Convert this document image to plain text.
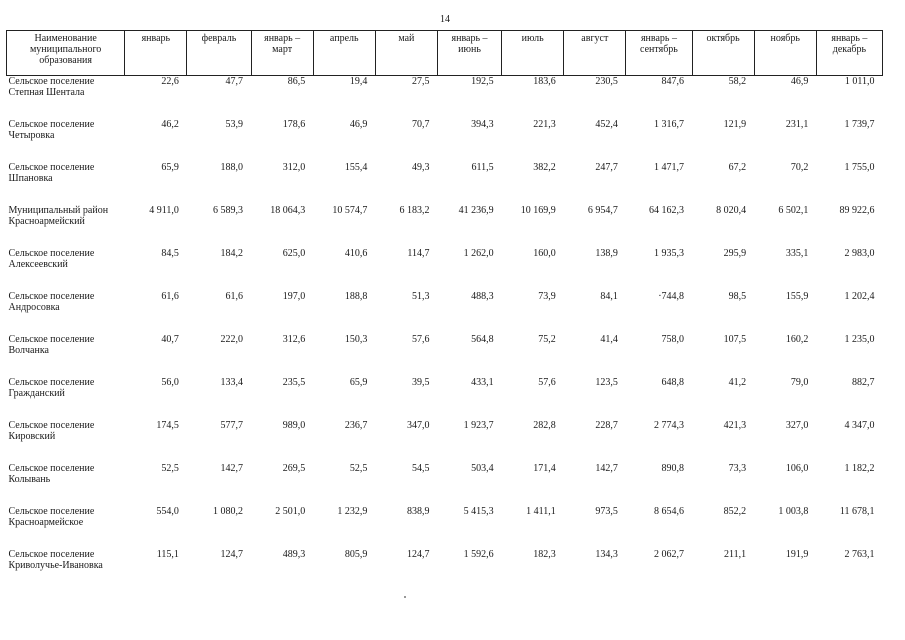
14
Наименование муниципального образования	январь	февраль	январь – март	апрель	май	январь – июнь	июль	август	январь – сентябрь	октябрь	ноябрь	январь – декабрь
Сельское поселение Степная Шентала	22,6	47,7	86,5	19,4	27,5	192,5	183,6	230,5	847,6	58,2	46,9	1 011,0
Сельское поселение Четыровка	46,2	53,9	178,6	46,9	70,7	394,3	221,3	452,4	1 316,7	121,9	231,1	1 739,7
Сельское поселение Шпановка	65,9	188,0	312,0	155,4	49,3	611,5	382,2	247,7	1 471,7	67,2	70,2	1 755,0
Муниципальный район Красноармейский	4 911,0	6 589,3	18 064,3	10 574,7	6 183,2	41 236,9	10 169,9	6 954,7	64 162,3	8 020,4	6 502,1	89 922,6
Сельское поселение Алексеевский	84,5	184,2	625,0	410,6	114,7	1 262,0	160,0	138,9	1 935,3	295,9	335,1	2 983,0
Сельское поселение Андросовка	61,6	61,6	197,0	188,8	51,3	488,3	73,9	84,1	·744,8	98,5	155,9	1 202,4
Сельское поселение Волчанка	40,7	222,0	312,6	150,3	57,6	564,8	75,2	41,4	758,0	107,5	160,2	1 235,0
Сельское поселение Гражданский	56,0	133,4	235,5	65,9	39,5	433,1	57,6	123,5	648,8	41,2	79,0	882,7
Сельское поселение Кировский	174,5	577,7	989,0	236,7	347,0	1 923,7	282,8	228,7	2 774,3	421,3	327,0	4 347,0
Сельское поселение Колывань	52,5	142,7	269,5	52,5	54,5	503,4	171,4	142,7	890,8	73,3	106,0	1 182,2
Сельское поселение Красноармейское	554,0	1 080,2	2 501,0	1 232,9	838,9	5 415,3	1 411,1	973,5	8 654,6	852,2	1 003,8	11 678,1
Сельское поселение Криволучье-Ивановка	115,1	124,7	489,3	805,9	124,7	1 592,6	182,3	134,3	2 062,7	211,1	191,9	2 763,1
